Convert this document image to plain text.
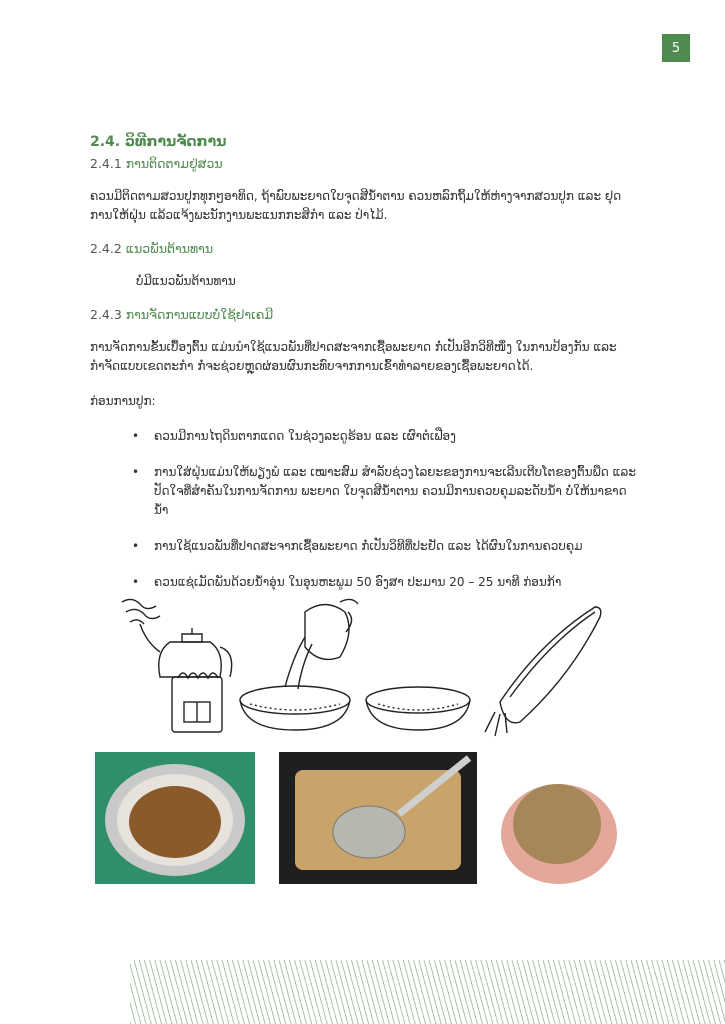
5
2.4. ວິທີການຈັດການ
2.4.1 ການຕິດຕາມຢູ່ສວນ

ຄວນມີຕິດຕາມສວນປູກທຸກໆອາທິດ, ຖ້າພົບພະຍາດໃບຈຸດສີນ້ຳຕານ ຄວນຫລົກຖິ້ມໃຫ້ຫ່າງຈາກສວນປູກ ແລະ ຢຸດການໃຫ້ຝຸ່ນ ແລ້ວແຈ້ງພະນັກງານພະແນກກະສິກຳ ແລະ ປ່າໄມ້.

2.4.2 ແນວພັນຕ້ານທານ

ບໍ່ມີແນວພັນຕ້ານທານ

2.4.3 ການຈັດການແບບບໍ່ໃຊ້ຢາເຄມີ

ການຈັດການຂັ້ນເບື້ອງຕົ້ນ ແມ່ນນຳໃຊ້ແນວພັນທີ່ປາດສະຈາກເຊື້ອພະຍາດ ກໍ່ເປັນອີກວິທີໜຶ່ງ ໃນການປ້ອງກັນ ແລະ ກຳຈັດແບບເຂດຕະກຳ ກໍ່ຈະຊ່ວຍຫຼຸດຜ່ອນຜົນກະທົບຈາກການເຂົ້າທຳລາຍຂອງເຊື້ອພະຍາດໄດ້.

ກ່ອນການປູກ:

• ຄວນມີການໄຖດິນຕາກແດດ ໃນຊ່ວງລະດູຮ້ອນ ແລະ ເຜົາຕໍເຟືອງ
• ການໃສ່ຝຸ່ນແມ່ນໃຫ້ພຽງພໍ ແລະ ເໝາະສົມ ສຳລັບຊ່ວງໄລຍະຂອງການຈະເລີນເຕີບໂຕຂອງຕົ້ນພືດ ແລະ ປັດໃຈທີ່ສຳຄັນໃນການຈັດການ ພະຍາດ ໃບຈຸດສີນ້ຳຕານ ຄວນມີການຄວບຄຸມລະດັບນ້ຳ ບໍ່ໃຫ້ນາຂາດນ້ຳ
• ການໃຊ້ແນວພັນທີ່ປາດສະຈາກເຊື້ອພະຍາດ ກໍ່ເປັນວິທີທີ່ປະຢັດ ແລະ ໄດ້ຜົນໃນການຄວບຄຸມ
• ຄວນແຊ່ເມັດພັນດ້ວຍນ້ຳອຸ່ນ ໃນອຸນຫະພູມ 50 ອົງສາ ປະມານ 20 – 25 ນາທີ ກ່ອນກ້າ
